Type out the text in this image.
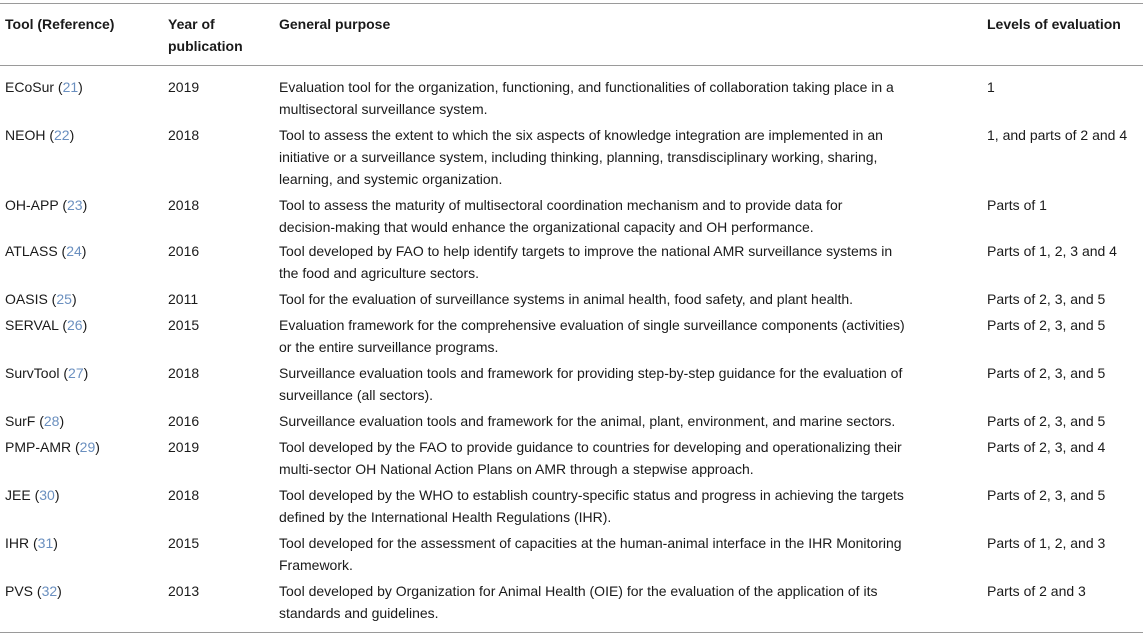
Tool (Reference)	Year of
publication
General purpose	Levels of evaluation
ECoSur (21)	2019	Evaluation tool for the organization, functioning, and functionalities of collaboration taking place in a
multisectoral surveillance system.
1
NEOH (22)	2018	Tool to assess the extent to which the six aspects of knowledge integration are implemented in an
initiative or a surveillance system, including thinking, planning, transdisciplinary working, sharing,
learning, and systemic organization.
1, and parts of 2 and 4
OH-APP (23)	2018	Tool to assess the maturity of multisectoral coordination mechanism and to provide data for
decision-making that would enhance the organizational capacity and OH performance.
Parts of 1
ATLASS (24)	2016	Tool developed by FAO to help identify targets to improve the national AMR surveillance systems in
the food and agriculture sectors.
Parts of 1, 2, 3 and 4
OASIS (25)	2011	Tool for the evaluation of surveillance systems in animal health, food safety, and plant health.	Parts of 2, 3, and 5
SERVAL (26)	2015	Evaluation framework for the comprehensive evaluation of single surveillance components (activities)
or the entire surveillance programs.
Parts of 2, 3, and 5
SurvTool (27)	2018	Surveillance evaluation tools and framework for providing step-by-step guidance for the evaluation of
surveillance (all sectors).
Parts of 2, 3, and 5
SurF (28)	2016	Surveillance evaluation tools and framework for the animal, plant, environment, and marine sectors.	Parts of 2, 3, and 5
PMP-AMR (29)	2019	Tool developed by the FAO to provide guidance to countries for developing and operationalizing their
multi-sector OH National Action Plans on AMR through a stepwise approach.
Parts of 2, 3, and 4
JEE (30)	2018	Tool developed by the WHO to establish country-specific status and progress in achieving the targets
defined by the International Health Regulations (IHR).
Parts of 2, 3, and 5
IHR (31)	2015	Tool developed for the assessment of capacities at the human-animal interface in the IHR Monitoring
Framework.
Parts of 1, 2, and 3
PVS (32)	2013	Tool developed by Organization for Animal Health (OIE) for the evaluation of the application of its
standards and guidelines.
Parts of 2 and 3
